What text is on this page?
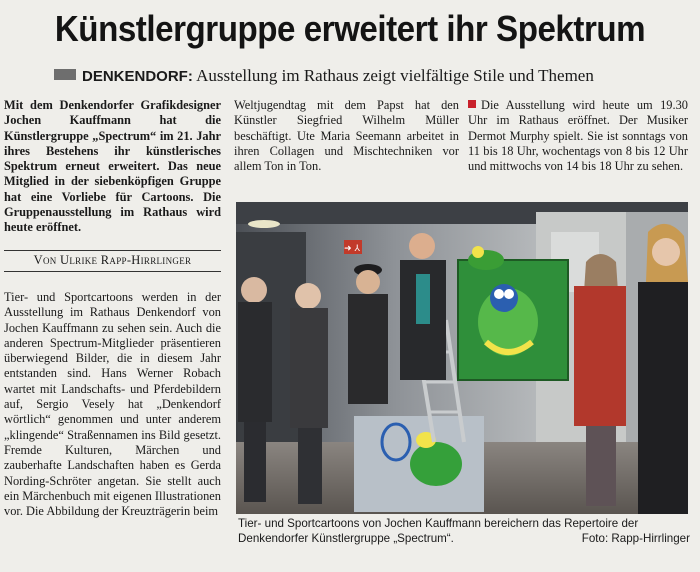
Künstlergruppe erweitert ihr Spektrum
DENKENDORF: Ausstellung im Rathaus zeigt vielfältige Stile und Themen

Mit dem Denkendorfer Grafikdesigner Jochen Kauffmann hat die Künstlergruppe „Spectrum“ im 21. Jahr ihres Bestehens ihr künstlerisches Spektrum erneut erweitert. Das neue Mitglied in der siebenköpfigen Gruppe hat eine Vorliebe für Cartoons. Die Gruppenausstellung im Rathaus wird heute eröffnet.

Von Ulrike Rapp-Hirrlinger

Tier- und Sportcartoons werden in der Ausstellung im Rathaus Denkendorf von Jochen Kauffmann zu sehen sein. Auch die anderen Spectrum-Mitglieder präsentieren überwiegend Bilder, die in diesem Jahr entstanden sind. Hans Werner Robach wartet mit Landschafts- und Pferdebildern auf, Sergio Vesely hat „Denkendorf wörtlich“ genommen und unter anderem „klingende“ Straßennamen ins Bild gesetzt. Fremde Kulturen, Märchen und zauberhafte Landschaften haben es Gerda Nording-Schröter angetan. Sie stellt auch ein Märchenbuch mit eigenen Illustrationen vor. Die Abbildung der Kreuzträgerin beim

Weltjugendtag mit dem Papst hat den Künstler Siegfried Wilhelm Müller beschäftigt. Ute Maria Seemann arbeitet in ihren Collagen und Mischtechniken vor allem Ton in Ton.

Die Ausstellung wird heute um 19.30 Uhr im Rathaus eröffnet. Der Musiker Dermot Murphy spielt. Sie ist sonntags von 11 bis 18 Uhr, wochentags von 8 bis 12 Uhr und mittwochs von 14 bis 18 Uhr zu sehen.

➜ ⅄
Tier- und Sportcartoons von Jochen Kauffmann bereichern das Repertoire der
Denkendorfer Künstlergruppe „Spectrum“.	Foto: Rapp-Hirrlinger
